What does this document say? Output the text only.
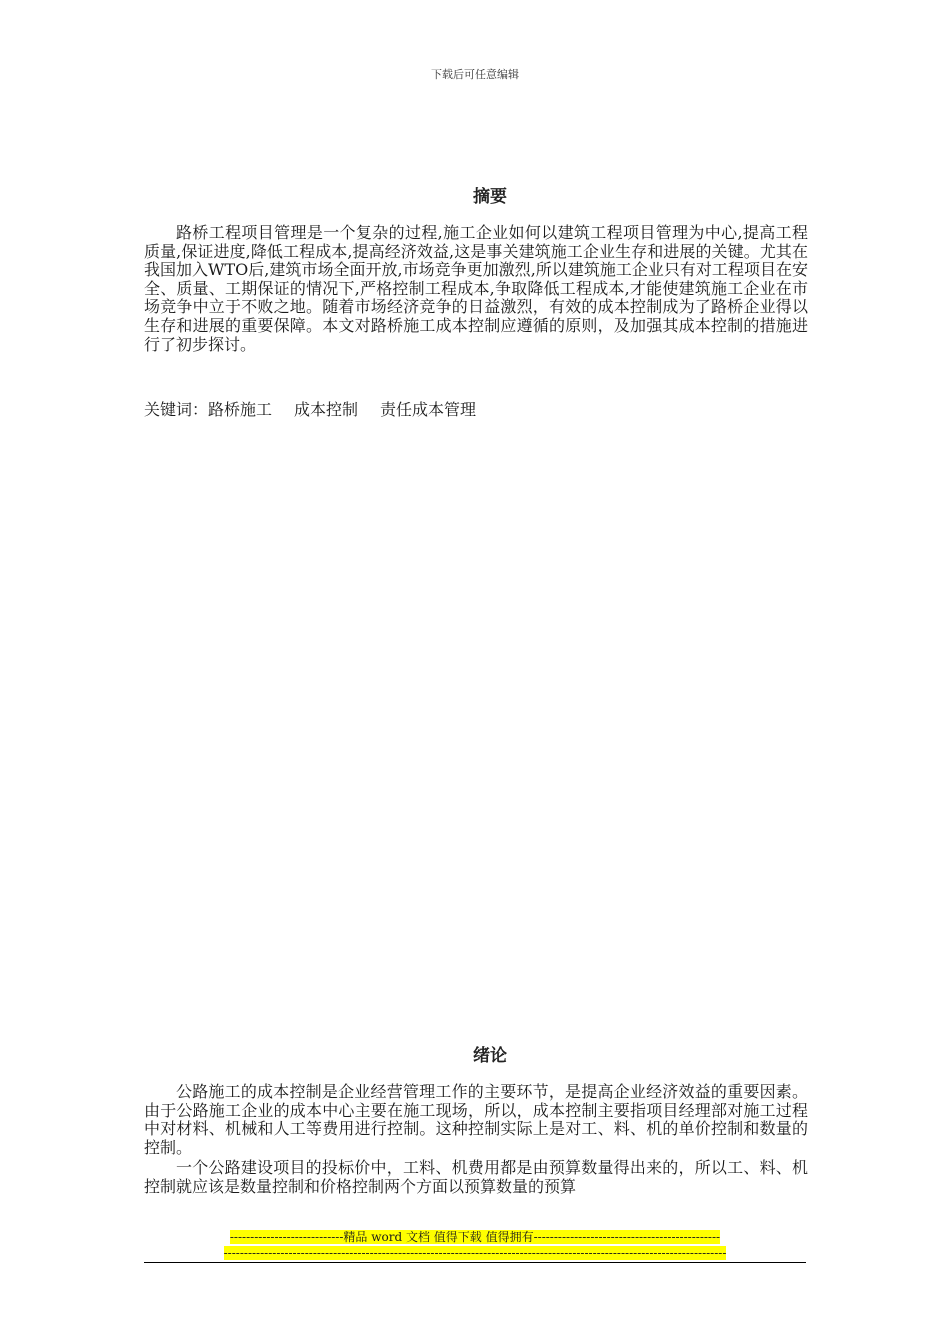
下载后可任意编辑
摘要

路桥工程项目管理是一个复杂的过程,施工企业如何以建筑工程项目管理为中心,提高工程质量,保证进度,降低工程成本,提高经济效益,这是事关建筑施工企业生存和进展的关键。尤其在我国加入WTO后,建筑市场全面开放,市场竞争更加激烈,所以建筑施工企业只有对工程项目在安全、质量、工期保证的情况下,严格控制工程成本,争取降低工程成本,才能使建筑施工企业在市场竞争中立于不败之地。随着市场经济竞争的日益激烈，有效的成本控制成为了路桥企业得以生存和进展的重要保障。本文对路桥施工成本控制应遵循的原则，及加强其成本控制的措施进行了初步探讨。

关键词：路桥施工 成本控制 责任成本管理
绪论

公路施工的成本控制是企业经营管理工作的主要环节，是提高企业经济效益的重要因素。由于公路施工企业的成本中心主要在施工现场，所以，成本控制主要指项目经理部对施工过程中对材料、机械和人工等费用进行控制。这种控制实际上是对工、料、机的单价控制和数量的控制。

一个公路建设项目的投标价中，工料、机费用都是由预算数量得出来的，所以工、料、机控制就应该是数量控制和价格控制两个方面以预算数量的预算

----------------------------精品 word 文档 值得下载 值得拥有----------------------------------------------
----------------------------------------------------------------------------------------------------------------------------
